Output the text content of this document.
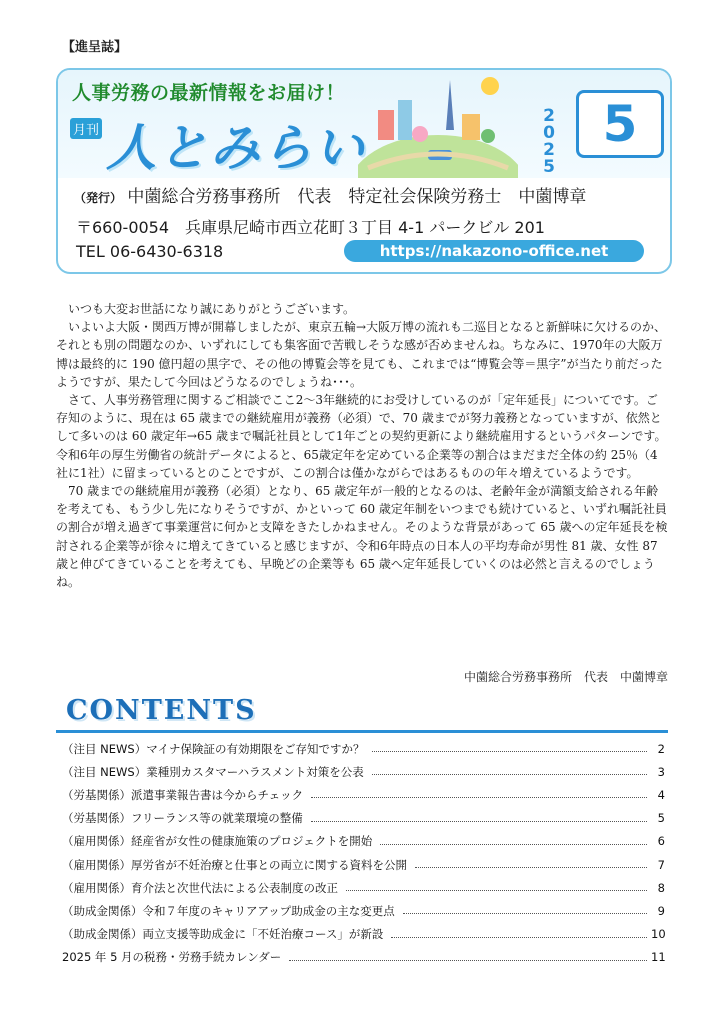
【進呈誌】
人事労務の最新情報をお届け！
月刊 人とみらい
2
0
2
5
5
（発行） 中薗総合労務事務所　代表　特定社会保険労務士　中薗博章
〒660-0054　兵庫県尼崎市西立花町３丁目 4-1 パークビル 201
TEL 06-6430-6318	https://nakazono-office.net

いつも大変お世話になり誠にありがとうございます。

いよいよ大阪・関西万博が開幕しましたが、東京五輪→大阪万博の流れも二巡目となると新鮮味に欠けるのか、それとも別の問題なのか、いずれにしても集客面で苦戦しそうな感が否めませんね。ちなみに、1970年の大阪万博は最終的に 190 億円超の黒字で、その他の博覧会等を見ても、これまでは“博覧会等＝黒字”が当たり前だったようですが、果たして今回はどうなるのでしょうね･･･。

さて、人事労務管理に関するご相談でここ2～3年継続的にお受けしているのが「定年延長」についてです。ご存知のように、現在は 65 歳までの継続雇用が義務（必須）で、70 歳までが努力義務となっていますが、依然として多いのは 60 歳定年→65 歳まで嘱託社員として1年ごとの契約更新により継続雇用するというパターンです。令和6年の厚生労働省の統計データによると、65歳定年を定めている企業等の割合はまだまだ全体の約 25％（4社に1社）に留まっているとのことですが、この割合は僅かながらではあるものの年々増えているようです。

70 歳までの継続雇用が義務（必須）となり、65 歳定年が一般的となるのは、老齢年金が満額支給される年齢を考えても、もう少し先になりそうですが、かといって 60 歳定年制をいつまでも続けていると、いずれ嘱託社員の割合が増え過ぎて事業運営に何かと支障をきたしかねません。そのような背景があって 65 歳への定年延長を検討される企業等が徐々に増えてきていると感じますが、令和6年時点の日本人の平均寿命が男性 81 歳、女性 87 歳と伸びてきていることを考えても、早晩どの企業等も 65 歳へ定年延長していくのは必然と言えるのでしょうね。

中薗総合労務事務所　代表　中薗博章
CONTENTS
（注目 NEWS）マイナ保険証の有効期限をご存知ですか？	2
（注目 NEWS）業種別カスタマーハラスメント対策を公表	3
（労基関係）派遣事業報告書は今からチェック	4
（労基関係）フリーランス等の就業環境の整備	5
（雇用関係）経産省が女性の健康施策のプロジェクトを開始	6
（雇用関係）厚労省が不妊治療と仕事との両立に関する資料を公開	7
（雇用関係）育介法と次世代法による公表制度の改正	8
（助成金関係）令和７年度のキャリアアップ助成金の主な変更点	9
（助成金関係）両立支援等助成金に「不妊治療コース」が新設	10
2025 年 5 月の税務・労務手続カレンダー	11
